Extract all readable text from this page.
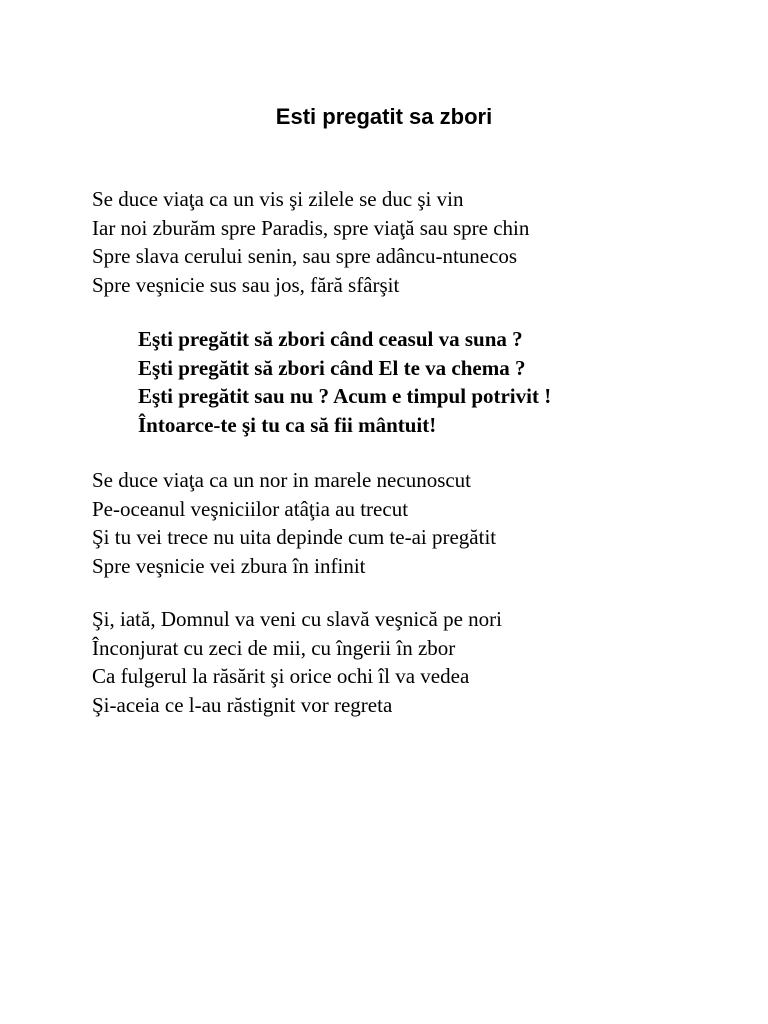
Esti pregatit sa zbori
Se duce viaţa ca un vis şi zilele se duc şi vin
Iar noi zburăm spre Paradis, spre viaţă sau spre chin
Spre slava cerului senin, sau spre adâncu-ntunecos
Spre veşnicie sus sau jos, fără sfârşit
Eşti pregătit să zbori când ceasul va suna ?
Eşti pregătit să zbori când El te va chema ?
Eşti pregătit sau nu ? Acum e timpul potrivit !
Întoarce-te şi tu ca să fii mântuit!
Se duce viaţa ca un nor in marele necunoscut
Pe-oceanul veşniciilor atâţia au trecut
Şi tu vei trece nu uita depinde cum te-ai pregătit
Spre veşnicie vei zbura în infinit
Şi, iată, Domnul va veni cu slavă veşnică pe nori
Înconjurat cu zeci de mii, cu îngerii în zbor
Ca fulgerul la răsărit şi orice ochi îl va vedea
Şi-aceia ce l-au răstignit vor regreta
